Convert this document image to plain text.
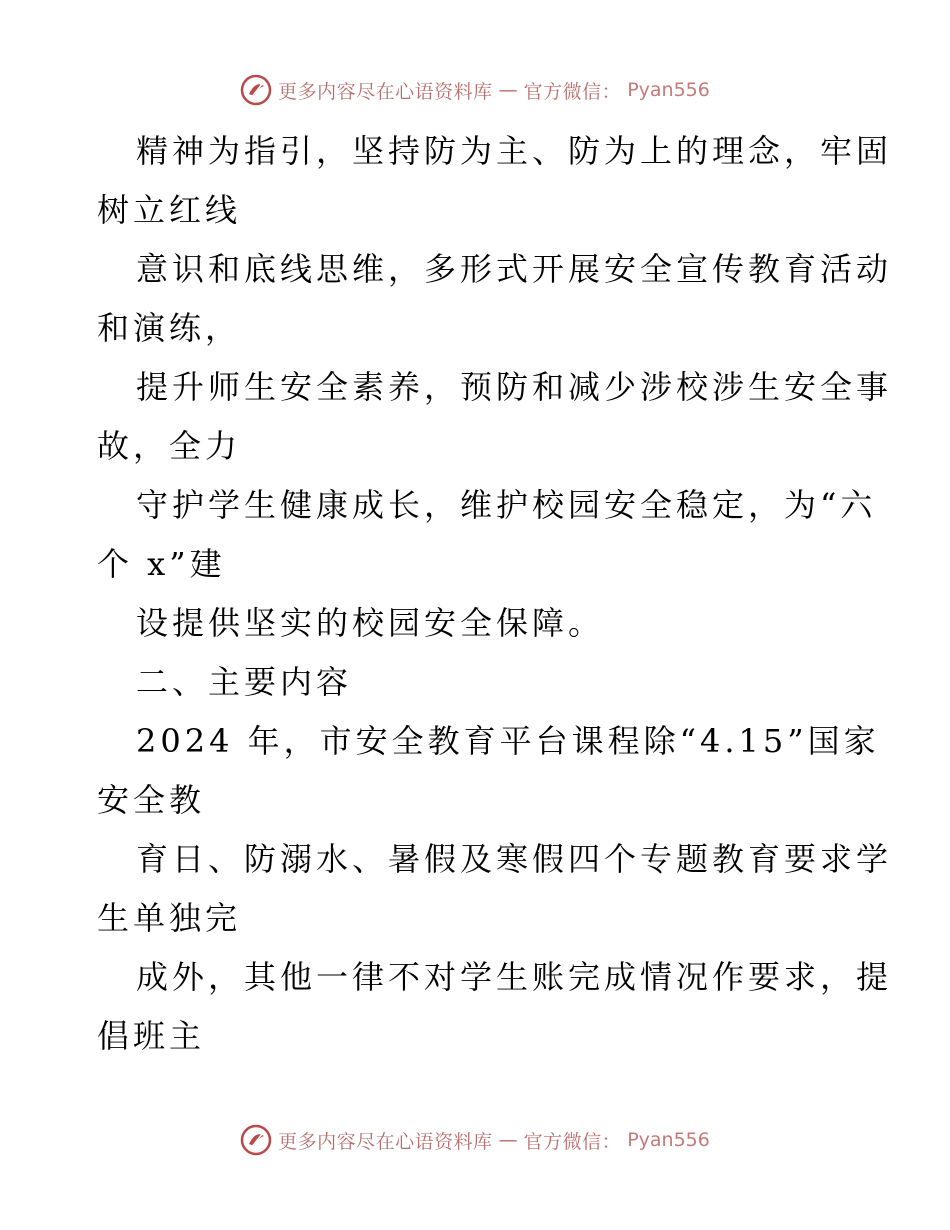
更多内容尽在心语资料库 — 官方微信： Pyan556
精神为指引，坚持防为主、防为上的理念，牢固
树立红线
意识和底线思维，多形式开展安全宣传教育活动
和演练，
提升师生安全素养，预防和减少涉校涉生安全事
故，全力
守护学生健康成长，维护校园安全稳定，为“六
个 x”建
设提供坚实的校园安全保障。
二、主要内容
2024 年，市安全教育平台课程除“4.15”国家
安全教
育日、防溺水、暑假及寒假四个专题教育要求学
生单独完
成外，其他一律不对学生账完成情况作要求，提
倡班主
更多内容尽在心语资料库 — 官方微信： Pyan556
